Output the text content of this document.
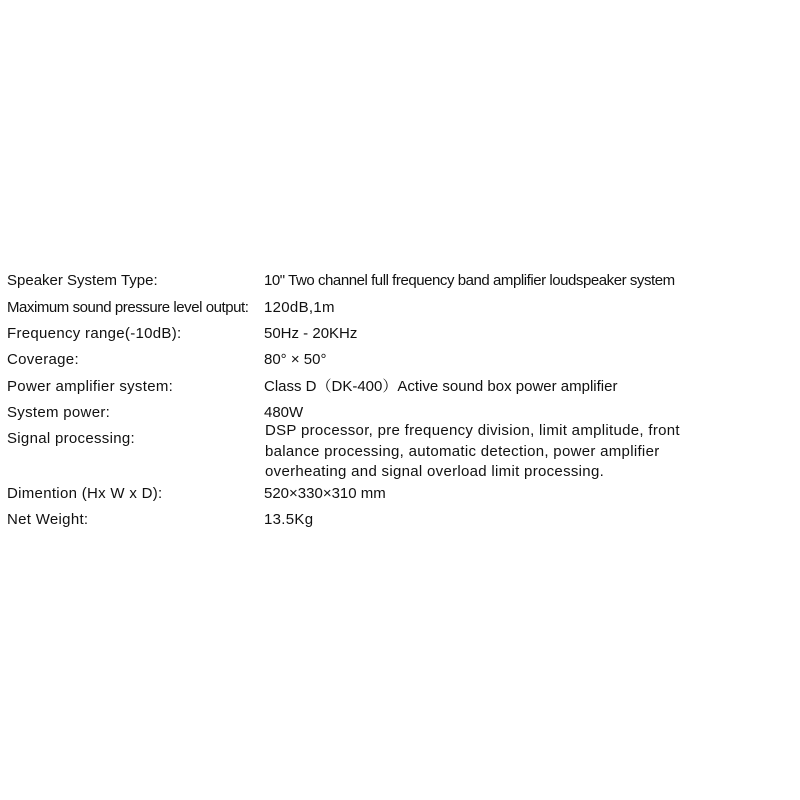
Speaker System Type:	10" Two channel full frequency band amplifier loudspeaker system
Maximum sound pressure level output: 120dB,1m
Frequency range(-10dB):	50Hz - 20KHz
Coverage:	80° × 50°
Power amplifier system:	Class D（DK-400）Active sound box power amplifier
System power:	480W
Signal processing:	DSP processor, pre frequency division, limit amplitude, front balance processing, automatic detection, power amplifier overheating and signal overload limit processing.
Dimention (Hx W x D):	520×330×310 mm
Net Weight:	13.5Kg
